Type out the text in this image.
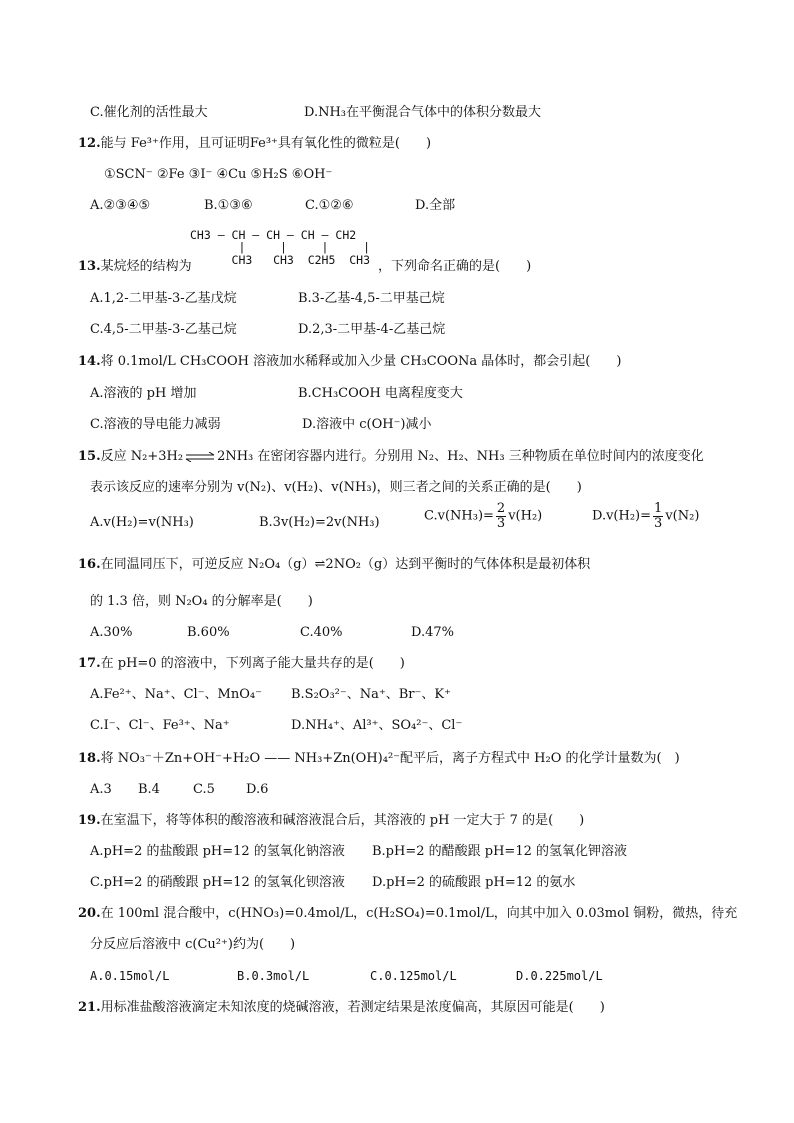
C.催化剂的活性最大	D.NH₃在平衡混合气体中的体积分数最大
12.能与 Fe³⁺作用，且可证明Fe³⁺具有氧化性的微粒是(　　)
①SCN⁻ ②Fe ③I⁻ ④Cu ⑤H₂S ⑥OH⁻
A.②③④⑤	B.①③⑥	C.①②⑥	D.全部
CH3 — CH — CH — CH — CH2
|     |     |     |
CH3   CH3  C2H5  CH3
13.某烷烃的结构为	，下列命名正确的是(　　)
A.1,2-二甲基-3-乙基戊烷	B.3-乙基-4,5-二甲基己烷
C.4,5-二甲基-3-乙基己烷	D.2,3-二甲基-4-乙基己烷
14.将 0.1mol/L CH₃COOH 溶液加水稀释或加入少量 CH₃COONa 晶体时，都会引起(　　)
A.溶液的 pH 增加	B.CH₃COOH 电离程度变大
C.溶液的导电能力减弱	D.溶液中 c(OH⁻)减小
15.反应 N₂+3H₂ ⇌ 2NH₃ 在密闭容器内进行。分别用 N₂、H₂、NH₃ 三种物质在单位时间内的浓度变化
表示该反应的速率分别为 v(N₂)、v(H₂)、v(NH₃)，则三者之间的关系正确的是(　　)
A.v(H₂)=v(NH₃)	B.3v(H₂)=2v(NH₃)	$C.v(NH_3)= \frac{2}{3} v(H_2)$	$D.v(H_2)= \frac{1}{3} v(N_2)$
16.在同温同压下，可逆反应 N₂O₄（g）⇌2NO₂（g）达到平衡时的气体体积是最初体积
的 1.3 倍，则 N₂O₄ 的分解率是(　　)
A.30%	B.60%	C.40%	D.47%
17.在 pH=0 的溶液中，下列离子能大量共存的是(　　)
A.Fe²⁺、Na⁺、Cl⁻、MnO₄⁻ B.S₂O₃²⁻、Na⁺、Br⁻、K⁺
C.I⁻、Cl⁻、Fe³⁺、Na⁺	D.NH₄⁺、Al³⁺、SO₄²⁻、Cl⁻
18.将 NO₃⁻＋Zn+OH⁻+H₂O —— NH₃+Zn(OH)₄²⁻配平后，离子方程式中 H₂O 的化学计量数为(　)
A.3 B.4	C.5 D.6
19.在室温下，将等体积的酸溶液和碱溶液混合后，其溶液的 pH 一定大于 7 的是(　　)
A.pH=2 的盐酸跟 pH=12 的氢氧化钠溶液 B.pH=2 的醋酸跟 pH=12 的氢氧化钾溶液
C.pH=2 的硝酸跟 pH=12 的氢氧化钡溶液 D.pH=2 的硫酸跟 pH=12 的氨水
20.在 100ml 混合酸中，c(HNO₃)=0.4mol/L，c(H₂SO₄)=0.1mol/L，向其中加入 0.03mol 铜粉，微热，待充
分反应后溶液中 c(Cu²⁺)约为(　　)
A.0.15mol/L	B.0.3mol/L	C.0.125mol/L	D.0.225mol/L
21.用标准盐酸溶液滴定未知浓度的烧碱溶液，若测定结果是浓度偏高，其原因可能是(　　)
